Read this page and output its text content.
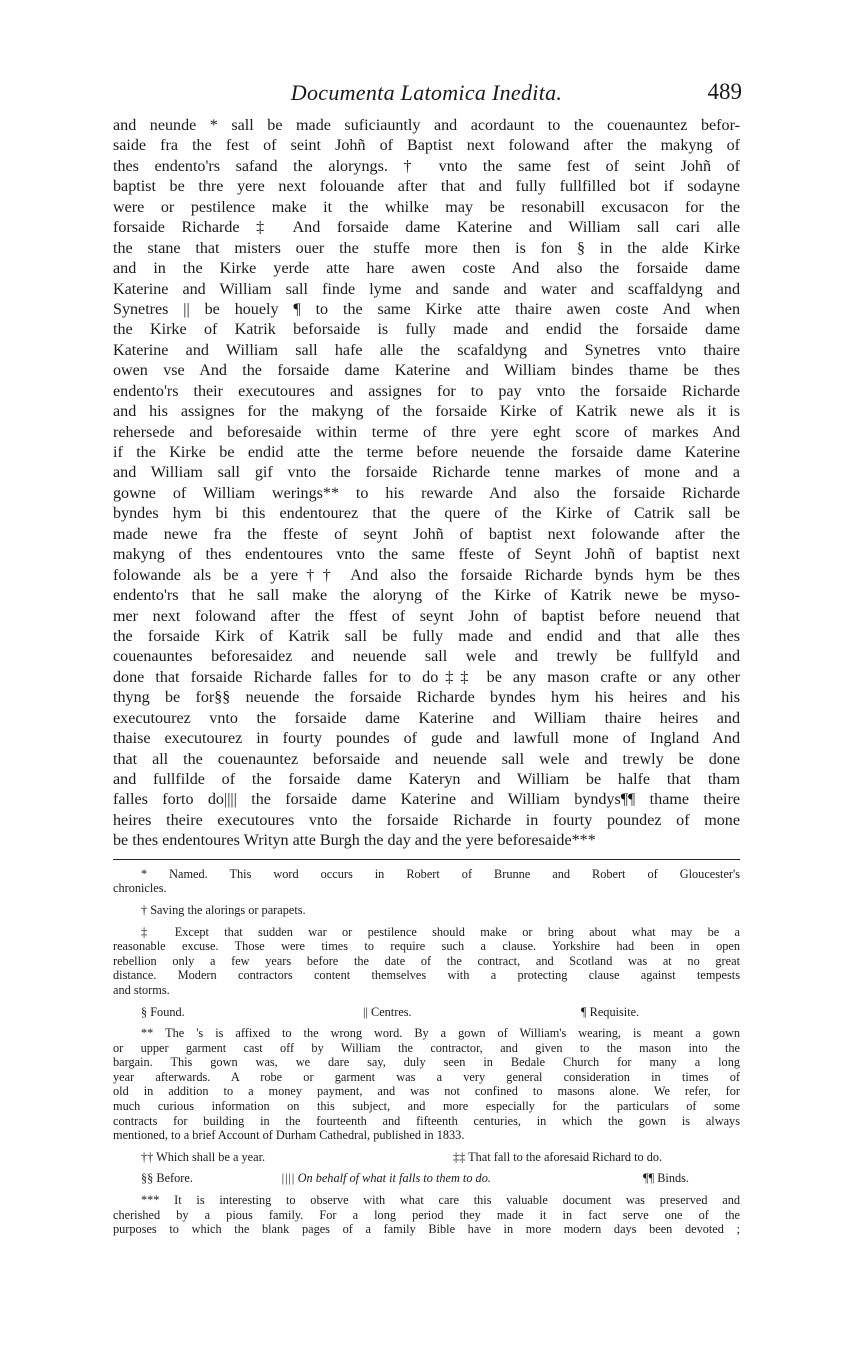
Documenta Latomica Inedita.	489
and neunde * sall be made suficiauntly and acordaunt to the couenauntez befor-
saide fra the fest of seint Johñ of Baptist next folowand after the makyng of
thes endento'rs safand the aloryngs. † vnto the same fest of seint Johñ of
baptist be thre yere next folouande after that and fully fullfilled bot if sodayne
were or pestilence make it the whilke may be resonabill excusacon for the
forsaide Richarde ‡ And forsaide dame Katerine and William sall cari alle
the stane that misters ouer the stuffe more then is fon § in the alde Kirke
and in the Kirke yerde atte hare awen coste And also the forsaide dame
Katerine and William sall finde lyme and sande and water and scaffaldyng and
Synetres || be houely ¶ to the same Kirke atte thaire awen coste And when
the Kirke of Katrik beforsaide is fully made and endid the forsaide dame
Katerine and William sall hafe alle the scafaldyng and Synetres vnto thaire
owen vse And the forsaide dame Katerine and William bindes thame be thes
endento'rs their executoures and assignes for to pay vnto the forsaide Richarde
and his assignes for the makyng of the forsaide Kirke of Katrik newe als it is
rehersede and beforesaide within terme of thre yere eght score of markes And
if the Kirke be endid atte the terme before neuende the forsaide dame Katerine
and William sall gif vnto the forsaide Richarde tenne markes of mone and a
gowne of William werings** to his rewarde And also the forsaide Richarde
byndes hym bi this endentourez that the quere of the Kirke of Catrik sall be
made newe fra the ffeste of seynt Johñ of baptist next folowande after the
makyng of thes endentoures vnto the same ffeste of Seynt Johñ of baptist next
folowande als be a yere†† And also the forsaide Richarde bynds hym be thes
endento'rs that he sall make the aloryng of the Kirke of Katrik newe be myso-
mer next folowand after the ffest of seynt John of baptist before neuend that
the forsaide Kirk of Katrik sall be fully made and endid and that alle thes
couenauntes beforesaidez and neuende sall wele and trewly be fullfyld and
done that forsaide Richarde falles for to do‡‡ be any mason crafte or any other
thyng be for§§ neuende the forsaide Richarde byndes hym his heires and his
executourez vnto the forsaide dame Katerine and William thaire heires and
thaise executourez in fourty poundes of gude and lawfull mone of Ingland And
that all the couenauntez beforsaide and neuende sall wele and trewly be done
and fullfilde of the forsaide dame Kateryn and William be halfe that tham
falles forto do|||| the forsaide dame Katerine and William byndys¶¶ thame theire
heires theire executoures vnto the forsaide Richarde in fourty poundez of mone
be thes endentoures Writyn atte Burgh the day and the yere beforesaide***
* Named. This word occurs in Robert of Brunne and Robert of Gloucester's
chronicles.
† Saving the alorings or parapets.
‡ Except that sudden war or pestilence should make or bring about what may be a
reasonable excuse. Those were times to require such a clause. Yorkshire had been in open
rebellion only a few years before the date of the contract, and Scotland was at no great
distance. Modern contractors content themselves with a protecting clause against tempests
and storms.
§ Found.	|| Centres.	¶ Requisite.
** The 's is affixed to the wrong word. By a gown of William's wearing, is meant a gown
or upper garment cast off by William the contractor, and given to the mason into the
bargain. This gown was, we dare say, duly seen in Bedale Church for many a long
year afterwards. A robe or garment was a very general consideration in times of
old in addition to a money payment, and was not confined to masons alone. We refer, for
much curious information on this subject, and more especially for the particulars of some
contracts for building in the fourteenth and fifteenth centuries, in which the gown is always
mentioned, to a brief Account of Durham Cathedral, published in 1833.
†† Which shall be a year.	‡‡ That fall to the aforesaid Richard to do.
§§ Before.	|||| On behalf of what it falls to them to do.	¶¶ Binds.
*** It is interesting to observe with what care this valuable document was preserved and
cherished by a pious family. For a long period they made it in fact serve one of the
purposes to which the blank pages of a family Bible have in more modern days been devoted ;
